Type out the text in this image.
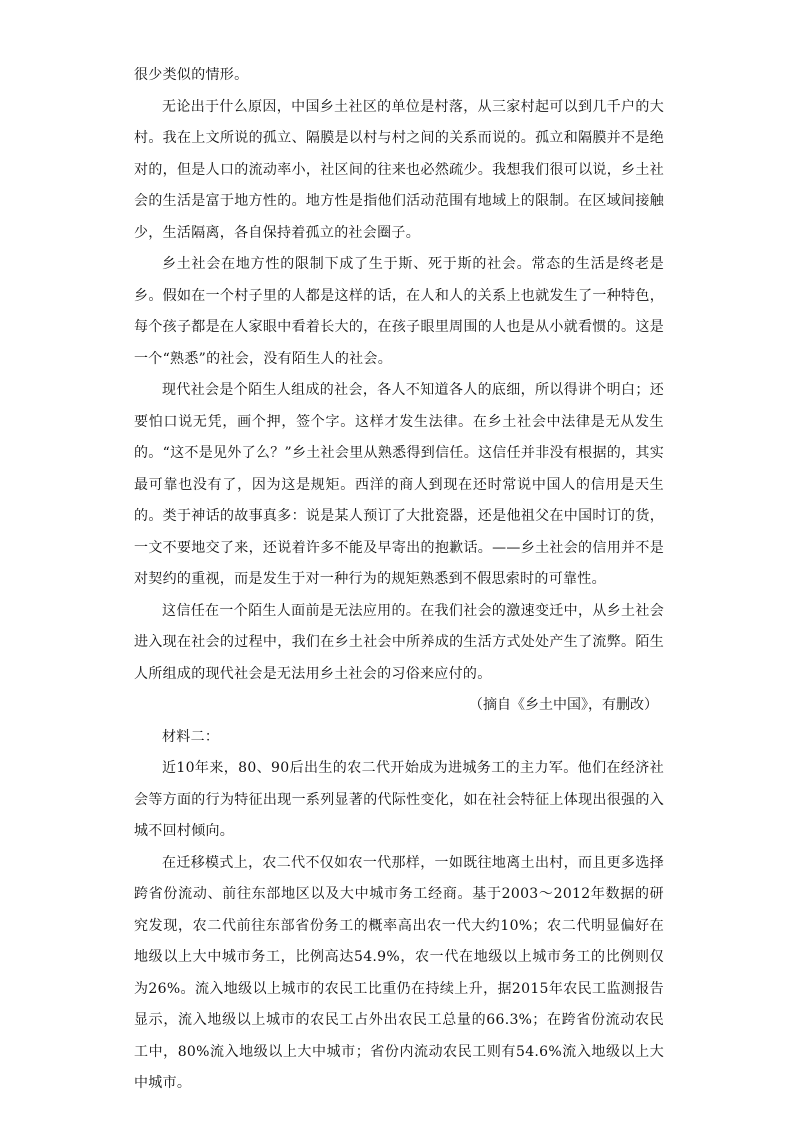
很少类似的情形。

无论出于什么原因，中国乡土社区的单位是村落，从三家村起可以到几千户的大村。我在上文所说的孤立、隔膜是以村与村之间的关系而说的。孤立和隔膜并不是绝对的，但是人口的流动率小，社区间的往来也必然疏少。我想我们很可以说，乡土社会的生活是富于地方性的。地方性是指他们活动范围有地域上的限制。在区域间接触少，生活隔离，各自保持着孤立的社会圈子。

乡土社会在地方性的限制下成了生于斯、死于斯的社会。常态的生活是终老是乡。假如在一个村子里的人都是这样的话，在人和人的关系上也就发生了一种特色，每个孩子都是在人家眼中看着长大的，在孩子眼里周围的人也是从小就看惯的。这是一个“熟悉”的社会，没有陌生人的社会。

现代社会是个陌生人组成的社会，各人不知道各人的底细，所以得讲个明白；还要怕口说无凭，画个押，签个字。这样才发生法律。在乡土社会中法律是无从发生的。“这不是见外了么？”乡土社会里从熟悉得到信任。这信任并非没有根据的，其实最可靠也没有了，因为这是规矩。西洋的商人到现在还时常说中国人的信用是天生的。类于神话的故事真多：说是某人预订了大批瓷器，还是他祖父在中国时订的货，一文不要地交了来，还说着许多不能及早寄出的抱歉话。——乡土社会的信用并不是对契约的重视，而是发生于对一种行为的规矩熟悉到不假思索时的可靠性。

这信任在一个陌生人面前是无法应用的。在我们社会的激速变迁中，从乡土社会进入现在社会的过程中，我们在乡土社会中所养成的生活方式处处产生了流弊。陌生人所组成的现代社会是无法用乡土社会的习俗来应付的。

（摘自《乡土中国》，有删改）

材料二：

近10年来，80、90后出生的农二代开始成为进城务工的主力军。他们在经济社会等方面的行为特征出现一系列显著的代际性变化，如在社会特征上体现出很强的入城不回村倾向。

在迁移模式上，农二代不仅如农一代那样，一如既往地离土出村，而且更多选择跨省份流动、前往东部地区以及大中城市务工经商。基于2003～2012年数据的研究发现，农二代前往东部省份务工的概率高出农一代大约10%；农二代明显偏好在地级以上大中城市务工，比例高达54.9%，农一代在地级以上城市务工的比例则仅为26%。流入地级以上城市的农民工比重仍在持续上升，据2015年农民工监测报告显示，流入地级以上城市的农民工占外出农民工总量的66.3%；在跨省份流动农民工中，80%流入地级以上大中城市；省份内流动农民工则有54.6%流入地级以上大中城市。
